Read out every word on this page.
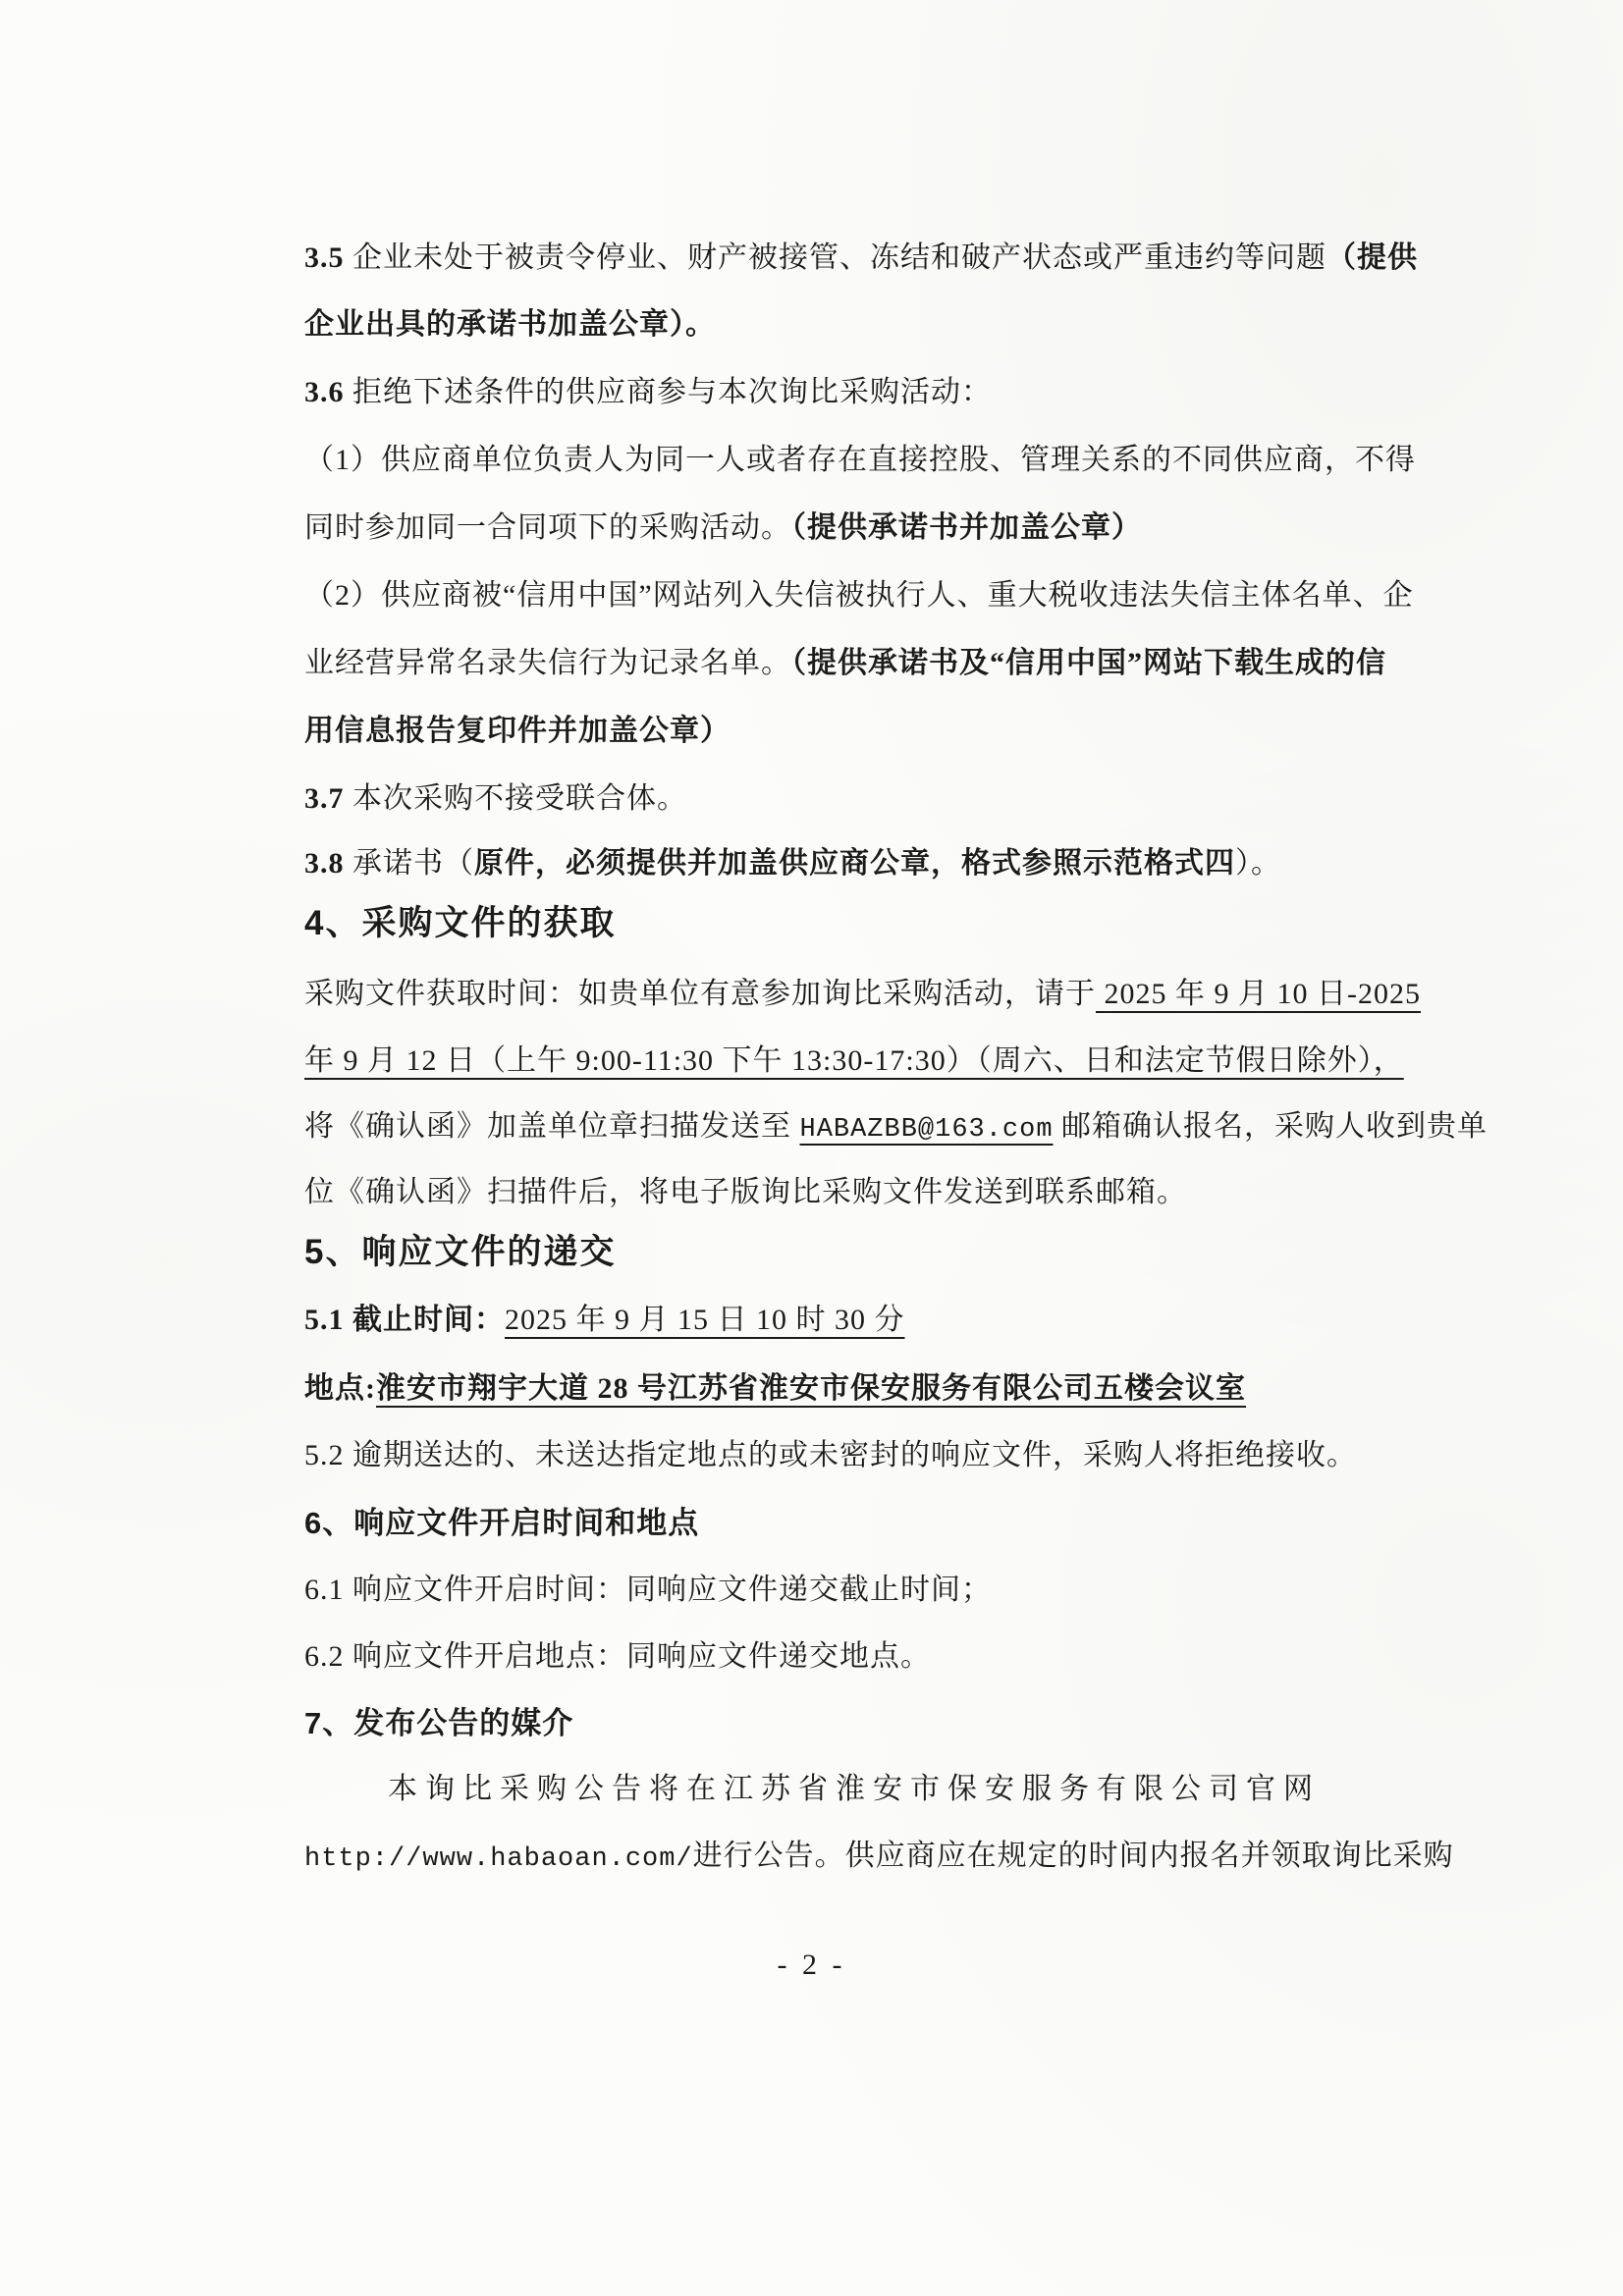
- 2 -
3.5 企业未处于被责令停业、财产被接管、冻结和破产状态或严重违约等问题（提供
企业出具的承诺书加盖公章）。
3.6 拒绝下述条件的供应商参与本次询比采购活动：
（1）供应商单位负责人为同一人或者存在直接控股、管理关系的不同供应商，不得
同时参加同一合同项下的采购活动。（提供承诺书并加盖公章）
（2）供应商被“信用中国”网站列入失信被执行人、重大税收违法失信主体名单、企
业经营异常名录失信行为记录名单。（提供承诺书及“信用中国”网站下载生成的信
用信息报告复印件并加盖公章）
3.7 本次采购不接受联合体。
3.8 承诺书（原件，必须提供并加盖供应商公章，格式参照示范格式四）。
4、采购文件的获取
采购文件获取时间：如贵单位有意参加询比采购活动，请于 2025 年 9 月 10 日-2025
年 9 月 12 日（上午 9:00-11:30 下午 13:30-17:30）（周六、日和法定节假日除外），
将《确认函》加盖单位章扫描发送至 HABAZBB@163.com 邮箱确认报名，采购人收到贵单
位《确认函》扫描件后，将电子版询比采购文件发送到联系邮箱。
5、响应文件的递交
5.1 截止时间：2025 年 9 月 15 日 10 时 30 分
地点:淮安市翔宇大道 28 号江苏省淮安市保安服务有限公司五楼会议室
5.2 逾期送达的、未送达指定地点的或未密封的响应文件，采购人将拒绝接收。
6、响应文件开启时间和地点
6.1 响应文件开启时间：同响应文件递交截止时间；
6.2 响应文件开启地点：同响应文件递交地点。
7、发布公告的媒介
本询比采购公告将在江苏省淮安市保安服务有限公司官网
http://www.habaoan.com/进行公告。供应商应在规定的时间内报名并领取询比采购
